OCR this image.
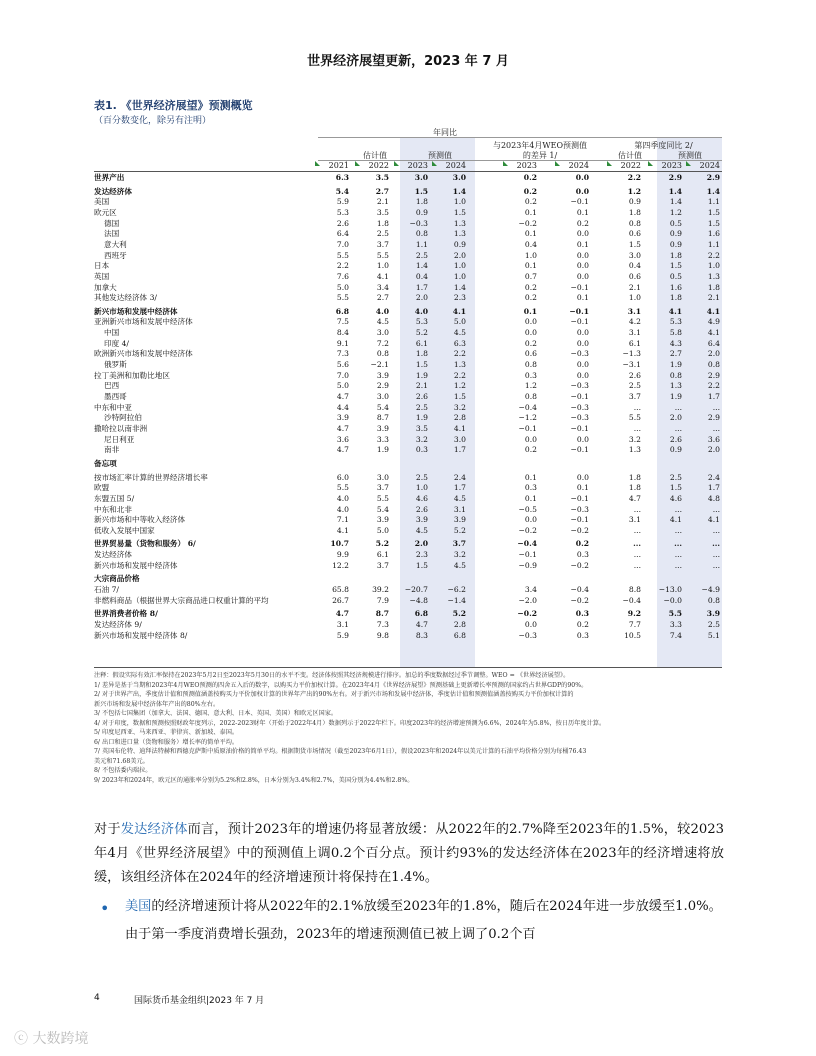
世界经济展望更新，2023 年 7 月
表1. 《世界经济展望》预测概览
（百分数变化，除另有注明）
年同比
与2023年4月WEO预测值
的差异 1/
第四季度同比 2/
估计值	预测值	估计值	预测值
2021	2022	2023	2024	2023	2024	2022	2023	2024
世界产出	6.3	3.5	3.0	3.0	0.2	0.0	2.2	2.9	2.9
发达经济体	5.4	2.7	1.5	1.4	0.2	0.0	1.2	1.4	1.4
美国	5.9	2.1	1.8	1.0	0.2	−0.1	0.9	1.4	1.1
欧元区	5.3	3.5	0.9	1.5	0.1	0.1	1.8	1.2	1.5
德国	2.6	1.8	−0.3	1.3	−0.2	0.2	0.8	0.5	1.5
法国	6.4	2.5	0.8	1.3	0.1	0.0	0.6	0.9	1.6
意大利	7.0	3.7	1.1	0.9	0.4	0.1	1.5	0.9	1.1
西班牙	5.5	5.5	2.5	2.0	1.0	0.0	3.0	1.8	2.2
日本	2.2	1.0	1.4	1.0	0.1	0.0	0.4	1.5	1.0
英国	7.6	4.1	0.4	1.0	0.7	0.0	0.6	0.5	1.3
加拿大	5.0	3.4	1.7	1.4	0.2	−0.1	2.1	1.6	1.8
其他发达经济体 3/	5.5	2.7	2.0	2.3	0.2	0.1	1.0	1.8	2.1
新兴市场和发展中经济体	6.8	4.0	4.0	4.1	0.1	−0.1	3.1	4.1	4.1
亚洲新兴市场和发展中经济体	7.5	4.5	5.3	5.0	0.0	−0.1	4.2	5.3	4.9
中国	8.4	3.0	5.2	4.5	0.0	0.0	3.1	5.8	4.1
印度 4/	9.1	7.2	6.1	6.3	0.2	0.0	6.1	4.3	6.4
欧洲新兴市场和发展中经济体	7.3	0.8	1.8	2.2	0.6	−0.3	−1.3	2.7	2.0
俄罗斯	5.6	−2.1	1.5	1.3	0.8	0.0	−3.1	1.9	0.8
拉丁美洲和加勒比地区	7.0	3.9	1.9	2.2	0.3	0.0	2.6	0.8	2.9
巴西	5.0	2.9	2.1	1.2	1.2	−0.3	2.5	1.3	2.2
墨西哥	4.7	3.0	2.6	1.5	0.8	−0.1	3.7	1.9	1.7
中东和中亚	4.4	5.4	2.5	3.2	−0.4	−0.3	...	...	...
沙特阿拉伯	3.9	8.7	1.9	2.8	−1.2	−0.3	5.5	2.0	2.9
撒哈拉以南非洲	4.7	3.9	3.5	4.1	−0.1	−0.1	...	...	...
尼日利亚	3.6	3.3	3.2	3.0	0.0	0.0	3.2	2.6	3.6
南非	4.7	1.9	0.3	1.7	0.2	−0.1	1.3	0.9	2.0
备忘项
按市场汇率计算的世界经济增长率	6.0	3.0	2.5	2.4	0.1	0.0	1.8	2.5	2.4
欧盟	5.5	3.7	1.0	1.7	0.3	0.1	1.8	1.5	1.7
东盟五国 5/	4.0	5.5	4.6	4.5	0.1	−0.1	4.7	4.6	4.8
中东和北非	4.0	5.4	2.6	3.1	−0.5	−0.3	...	...	...
新兴市场和中等收入经济体	7.1	3.9	3.9	3.9	0.0	−0.1	3.1	4.1	4.1
低收入发展中国家	4.1	5.0	4.5	5.2	−0.2	−0.2	...	...	...
世界贸易量（货物和服务） 6/	10.7	5.2	2.0	3.7	−0.4	0.2	...	...	...
发达经济体	9.9	6.1	2.3	3.2	−0.1	0.3	...	...	...
新兴市场和发展中经济体	12.2	3.7	1.5	4.5	−0.9	−0.2	...	...	...
大宗商品价格
石油 7/	65.8	39.2	−20.7	−6.2	3.4	−0.4	8.8	−13.0	−4.9
非燃料商品（根据世界大宗商品进口权重计算的平均	26.7	7.9	−4.8	−1.4	−2.0	−0.2	−0.4	−0.0	0.8
世界消费者价格 8/	4.7	8.7	6.8	5.2	−0.2	0.3	9.2	5.5	3.9
发达经济体 9/	3.1	7.3	4.7	2.8	0.0	0.2	7.7	3.3	2.5
新兴市场和发展中经济体 8/	5.9	9.8	8.3	6.8	−0.3	0.3	10.5	7.4	5.1
注释：假设实际有效汇率保持在2023年5月2日至2023年5月30日的水平不变。经济体按照其经济规模进行排序。加总的季度数据经过季节调整。WEO = 《世界经济展望》。
1/ 差异是基于当期和2023年4月WEO预测的四舍五入后的数字，以购买力平价加权计算。在2023年4月《世界经济展望》预测基础上更新增长率预测的国家约占世界GDP的90%。
2/ 对于世界产出，季度估计值和预测值涵盖按购买力平价加权计算的世界年产出的90%左右。对于新兴市场和发展中经济体，季度估计值和预测值涵盖按购买力平价加权计算的
新兴市场和发展中经济体年产出的80%左右。
3/ 不包括七国集团（加拿大、法国、德国、意大利、日本、英国、美国）和欧元区国家。
4/ 对于印度，数据和预测按照财政年度列示，2022-2023财年（开始于2022年4月）数据列示于2022年栏下。印度2023年的经济增速预测为6.6%，2024年为5.8%，按日历年度计算。
5/ 印度尼西亚、马来西亚、菲律宾、新加坡、泰国。
6/ 出口和进口量（货物和服务）增长率的简单平均。
7/ 英国布伦特、迪拜法特赫和西德克萨斯中质原油价格的简单平均。根据期货市场情况（截至2023年6月1日），假设2023年和2024年以美元计算的石油平均价格分别为每桶76.43
美元和71.68美元。
8/ 不包括委内瑞拉。
9/ 2023年和2024年，欧元区的通胀率分别为5.2%和2.8%，日本分别为3.4%和2.7%，美国分别为4.4%和2.8%。
对于发达经济体而言，预计2023年的增速仍将显著放缓：从2022年的2.7%降至2023年的1.5%，较2023年4月《世界经济展望》中的预测值上调0.2个百分点。预计约93%的发达经济体在2023年的经济增速将放缓，该组经济体在2024年的经济增速预计将保持在1.4%。
• 美国的经济增速预计将从2022年的2.1%放缓至2023年的1.8%，随后在2024年进一步放缓至1.0%。由于第一季度消费增长强劲，2023年的增速预测值已被上调了0.2个百
4	国际货币基金组织|2023 年 7 月
ⓒ 大数跨境
